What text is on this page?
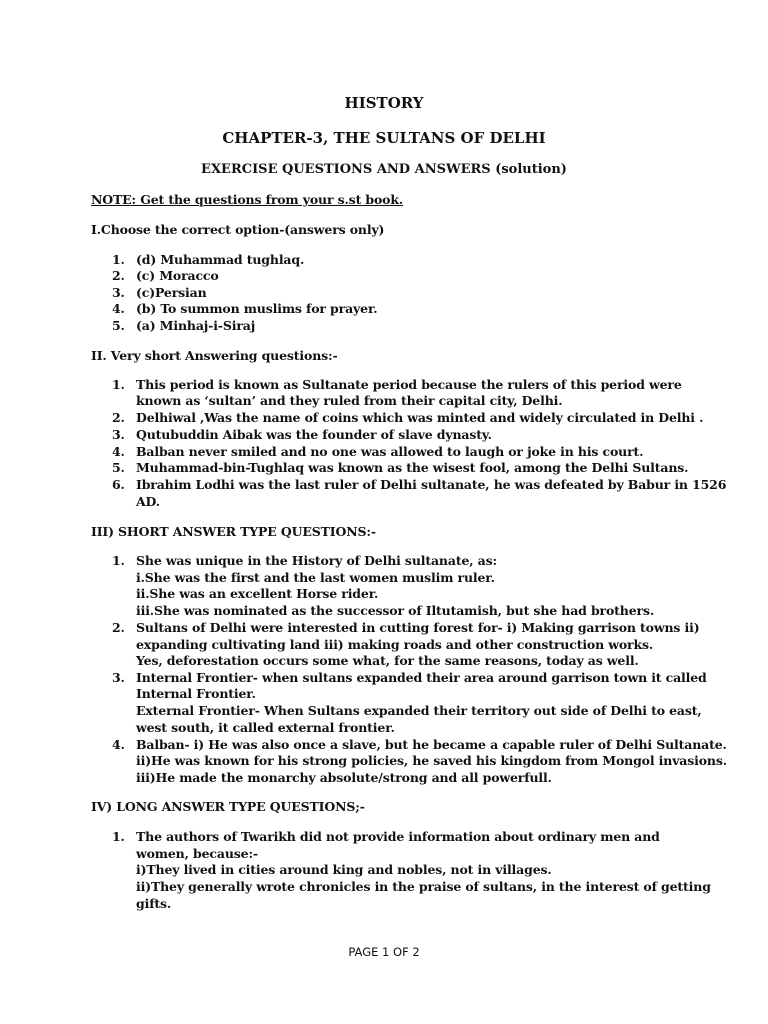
HISTORY
CHAPTER-3, THE SULTANS OF DELHI
EXERCISE QUESTIONS AND ANSWERS (solution)
NOTE: Get the questions from your s.st book.
I.Choose the correct option-(answers only)
1. (d) Muhammad tughlaq.
2. (c) Moracco
3. (c)Persian
4. (b) To summon muslims for prayer.
5. (a) Minhaj-i-Siraj
II. Very short Answering questions:-
1. This period is known as Sultanate period because the rulers of this period were
known as ‘sultan’ and they ruled from their capital city, Delhi.
2. Delhiwal ,Was the name of coins which was minted and widely circulated in Delhi .
3. Qutubuddin Aibak was the founder of slave dynasty.
4. Balban never smiled and no one was allowed to laugh or joke in his court.
5. Muhammad-bin-Tughlaq was known as the wisest fool, among the Delhi Sultans.
6. Ibrahim Lodhi was the last ruler of Delhi sultanate, he was defeated by Babur in 1526
AD.
III) SHORT ANSWER TYPE QUESTIONS:-
1. She was unique in the History of Delhi sultanate, as:
i.She was the first and the last women muslim ruler.
ii.She was an excellent Horse rider.
iii.She was nominated as the successor of Iltutamish, but she had brothers.
2. Sultans of Delhi were interested in cutting forest for- i) Making garrison towns ii)
expanding cultivating land iii) making roads and other construction works.
Yes, deforestation occurs some what, for the same reasons, today as well.
3. Internal Frontier- when sultans expanded their area around garrison town it called
Internal Frontier.
External Frontier- When Sultans expanded their territory out side of Delhi to east,
west south, it called external frontier.
4. Balban- i) He was also once a slave, but he became a capable ruler of Delhi Sultanate.
ii)He was known for his strong policies, he saved his kingdom from Mongol invasions.
iii)He made the monarchy absolute/strong and all powerfull.
IV) LONG ANSWER TYPE QUESTIONS;-
1. The authors of Twarikh did not provide information about ordinary men and
women, because:-
i)They lived in cities around king and nobles, not in villages.
ii)They generally wrote chronicles in the praise of sultans, in the interest of getting
gifts.
PAGE 1 OF 2
